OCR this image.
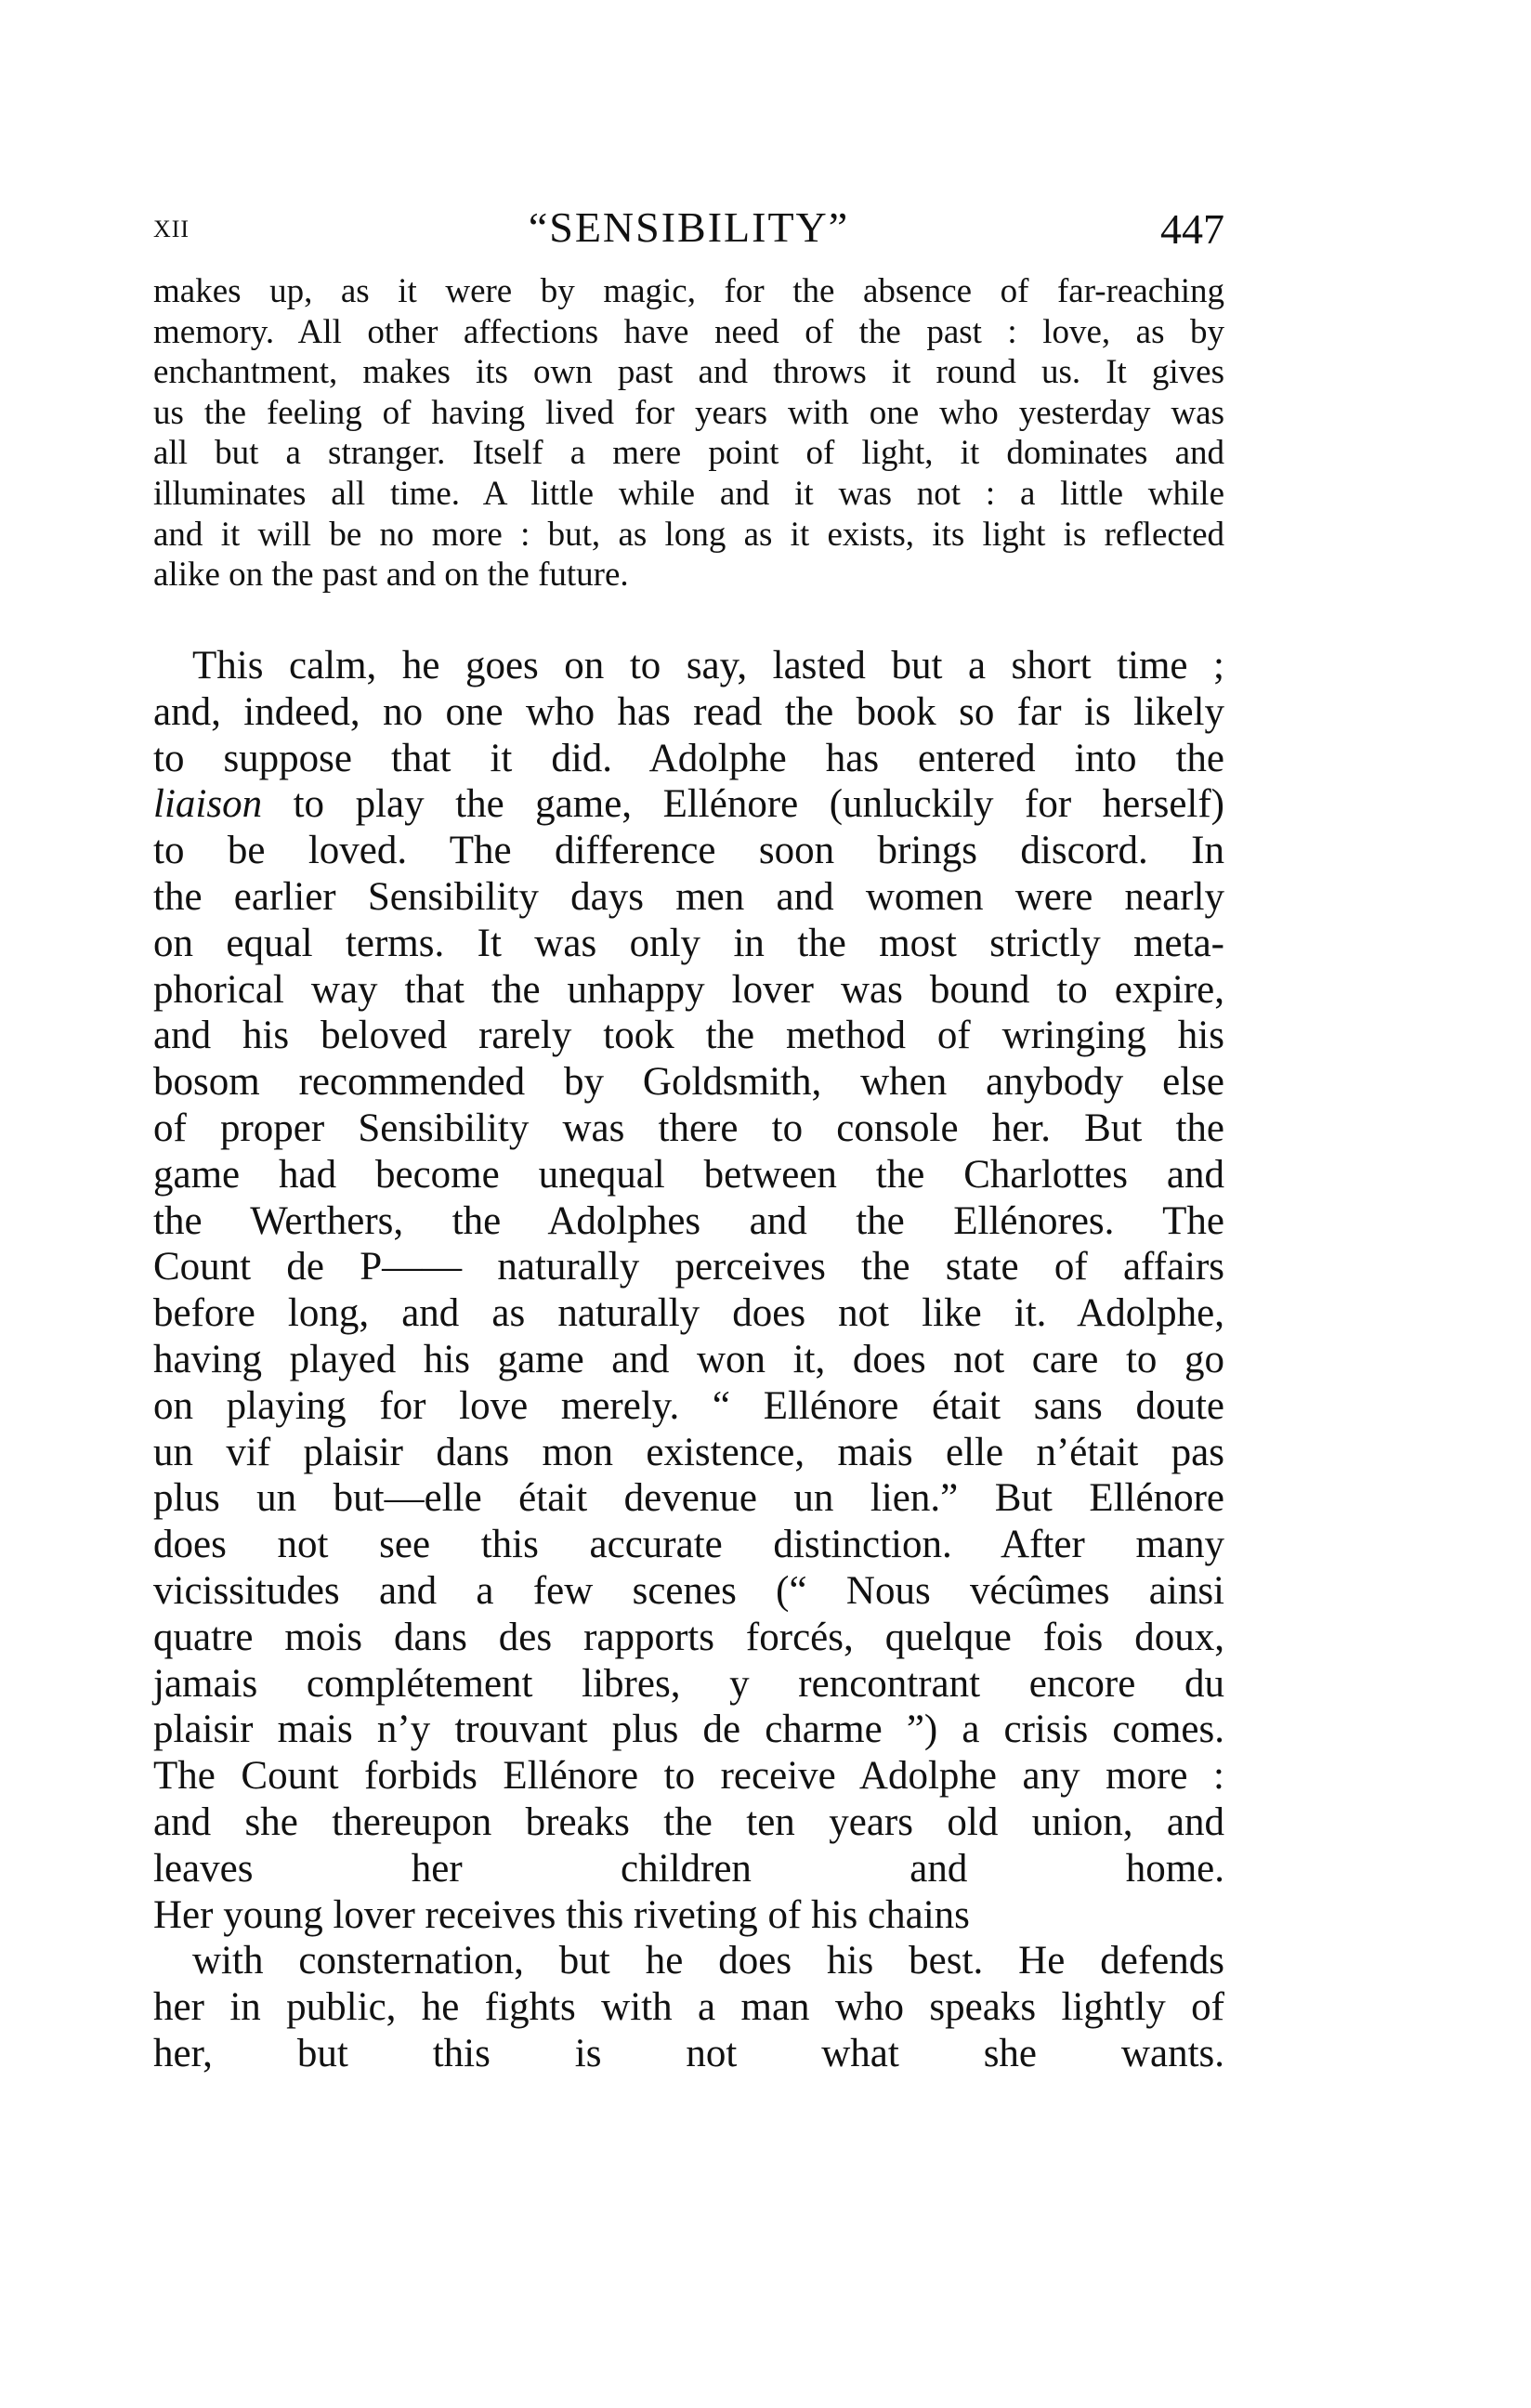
XII	“SENSIBILITY”	447
makes up, as it were by magic, for the absence of far-reaching
memory. All other affections have need of the past : love, as by
enchantment, makes its own past and throws it round us. It gives
us the feeling of having lived for years with one who yesterday was
all but a stranger. Itself a mere point of light, it dominates and
illuminates all time. A little while and it was not : a little while
and it will be no more : but, as long as it exists, its light is reflected
alike on the past and on the future.
This calm, he goes on to say, lasted but a short time ;
and, indeed, no one who has read the book so far is likely
to suppose that it did. Adolphe has entered into the
liaison to play the game, Ellénore (unluckily for herself)
to be loved. The difference soon brings discord. In
the earlier Sensibility days men and women were nearly
on equal terms. It was only in the most strictly meta-
phorical way that the unhappy lover was bound to expire,
and his beloved rarely took the method of wringing his
bosom recommended by Goldsmith, when anybody else
of proper Sensibility was there to console her. But the
game had become unequal between the Charlottes and
the Werthers, the Adolphes and the Ellénores. The
Count de P—— naturally perceives the state of affairs
before long, and as naturally does not like it. Adolphe,
having played his game and won it, does not care to go
on playing for love merely. “ Ellénore était sans doute
un vif plaisir dans mon existence, mais elle n’était pas
plus un but—elle était devenue un lien.” But Ellénore
does not see this accurate distinction. After many
vicissitudes and a few scenes (“ Nous vécûmes ainsi
quatre mois dans des rapports forcés, quelque fois doux,
jamais complétement libres, y rencontrant encore du
plaisir mais n’y trouvant plus de charme ”) a crisis comes.
The Count forbids Ellénore to receive Adolphe any more :
and she thereupon breaks the ten years old union, and
leaves her children and home.
Her young lover receives this riveting of his chains
with consternation, but he does his best. He defends
her in public, he fights with a man who speaks lightly of
her, but this is not what she wants.
